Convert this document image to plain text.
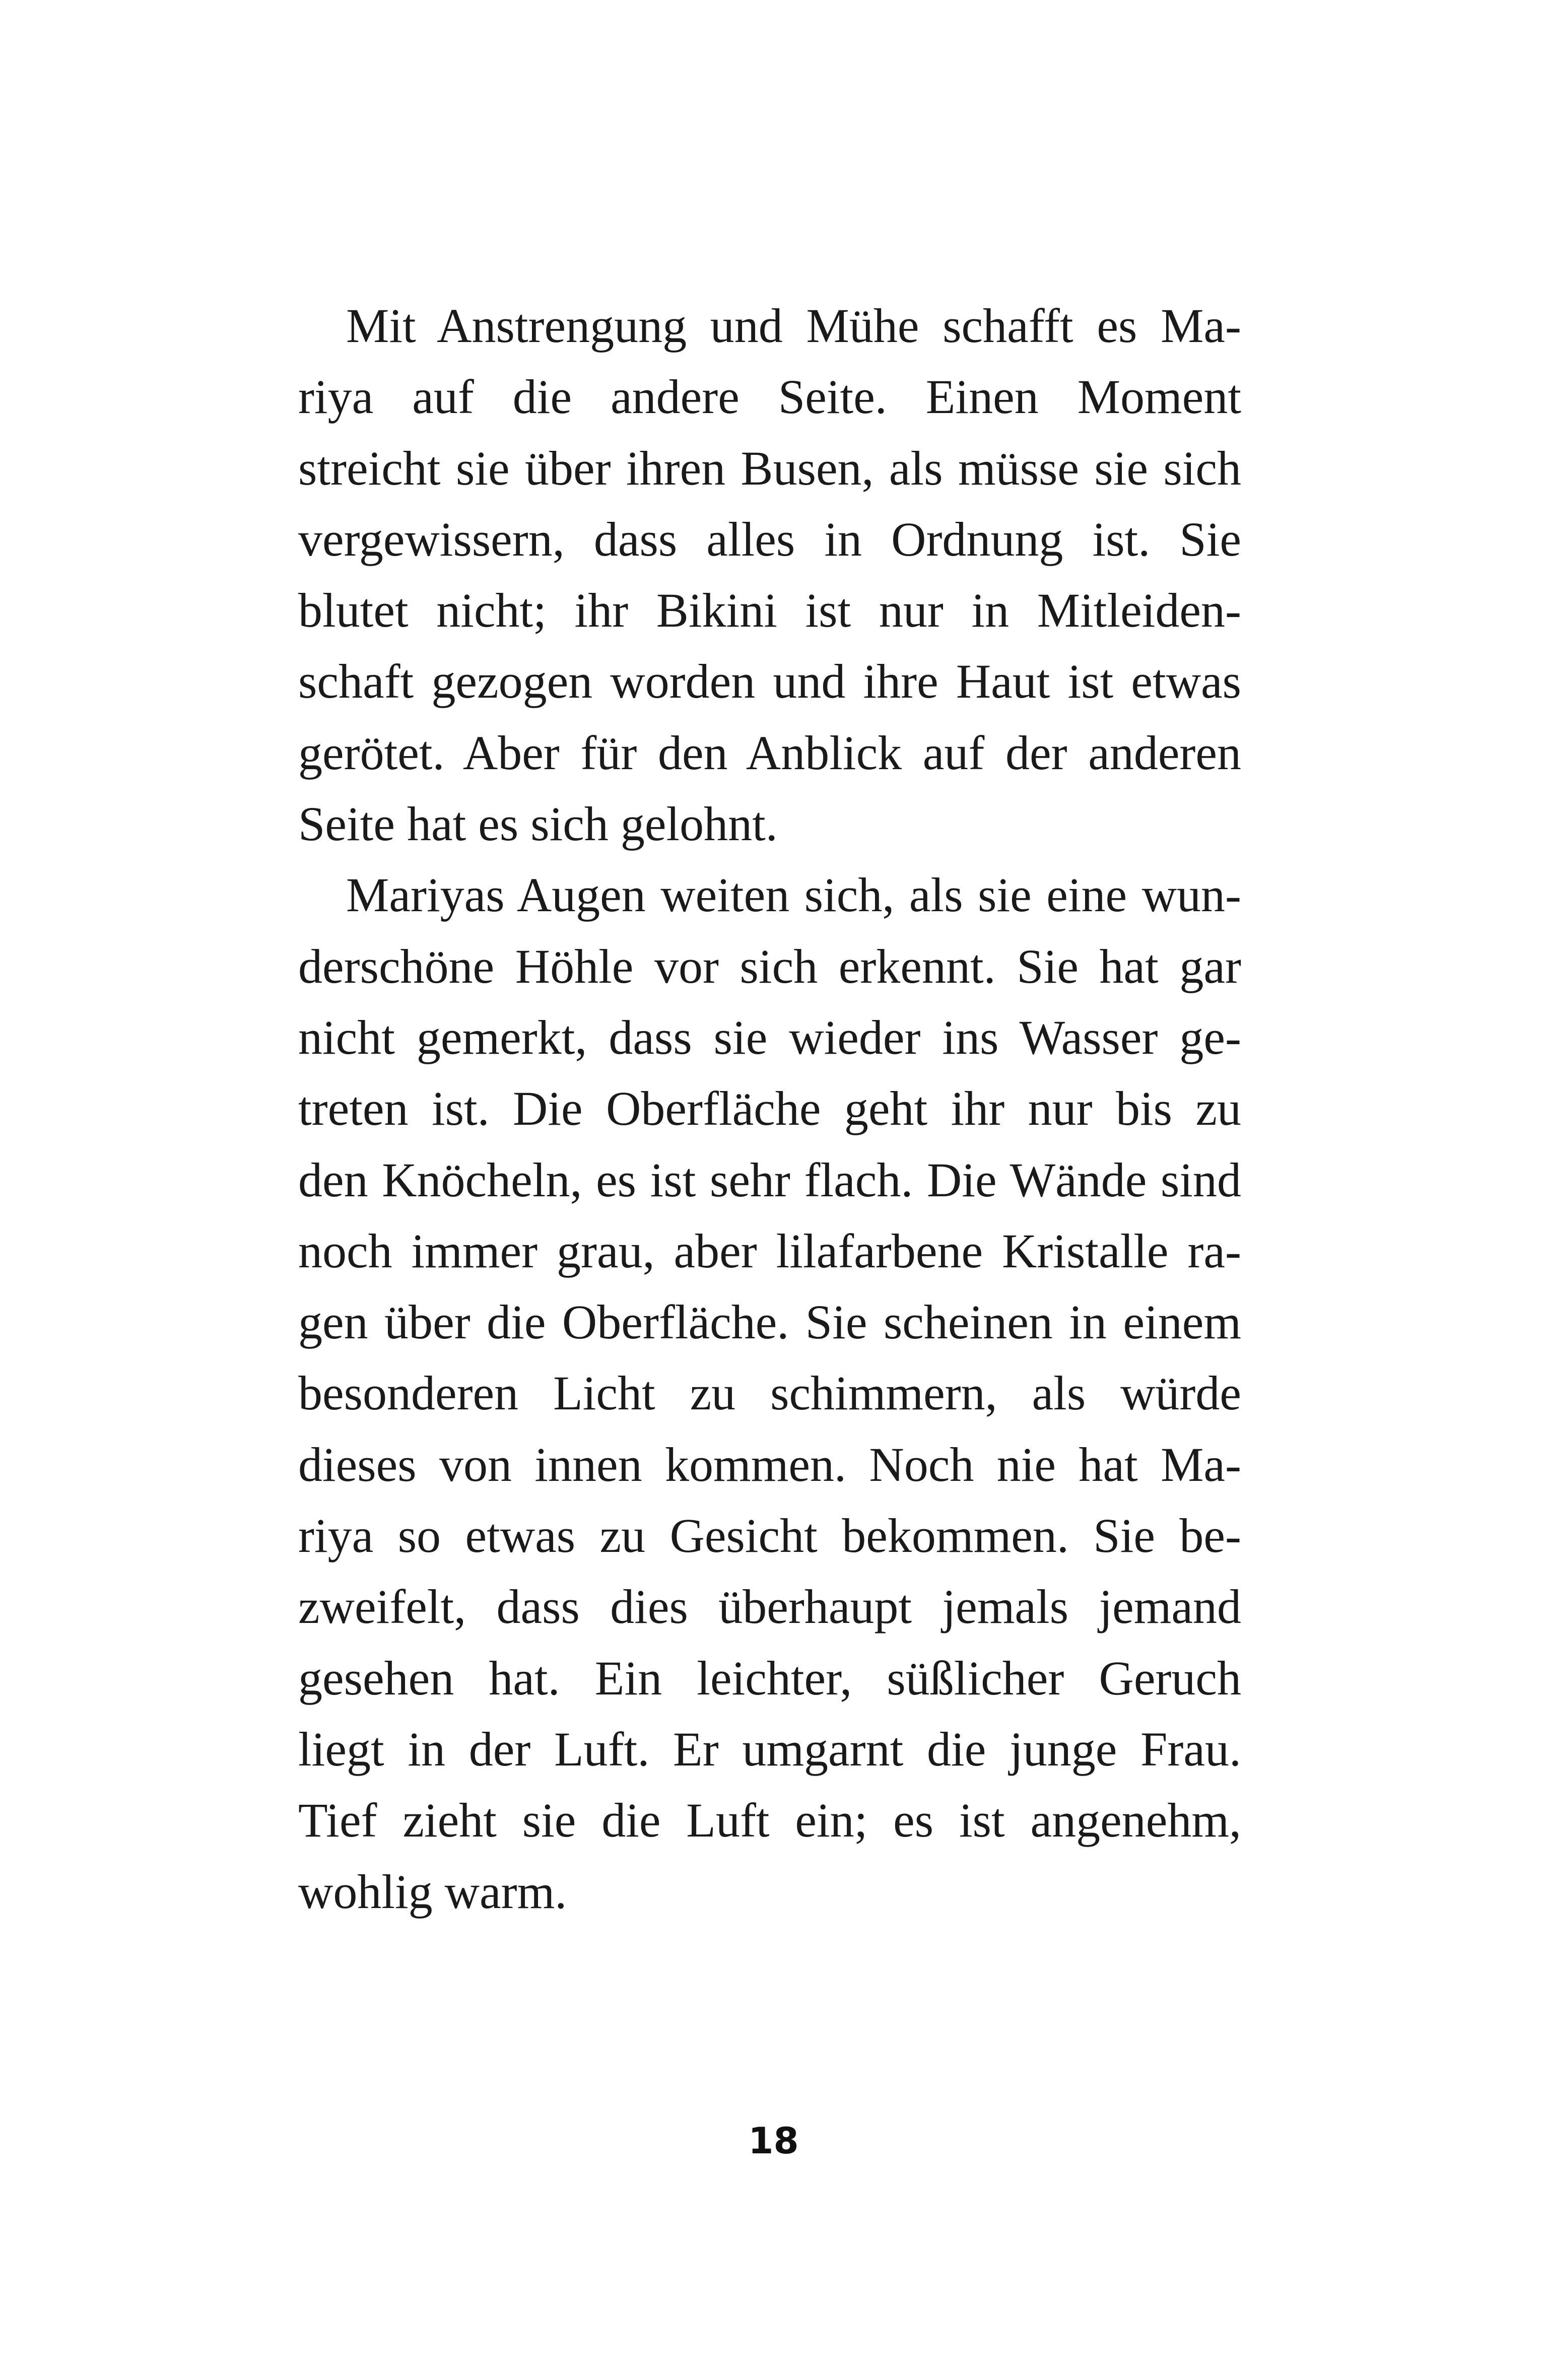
Mit Anstrengung und Mühe schafft es Ma-
riya auf die andere Seite. Einen Moment
streicht sie über ihren Busen, als müsse sie sich
vergewissern, dass alles in Ordnung ist. Sie
blutet nicht; ihr Bikini ist nur in Mitleiden-
schaft gezogen worden und ihre Haut ist etwas
gerötet. Aber für den Anblick auf der anderen
Seite hat es sich gelohnt.
Mariyas Augen weiten sich, als sie eine wun-
derschöne Höhle vor sich erkennt. Sie hat gar
nicht gemerkt, dass sie wieder ins Wasser ge-
treten ist. Die Oberfläche geht ihr nur bis zu
den Knöcheln, es ist sehr flach. Die Wände sind
noch immer grau, aber lilafarbene Kristalle ra-
gen über die Oberfläche. Sie scheinen in einem
besonderen Licht zu schimmern, als würde
dieses von innen kommen. Noch nie hat Ma-
riya so etwas zu Gesicht bekommen. Sie be-
zweifelt, dass dies überhaupt jemals jemand
gesehen hat. Ein leichter, süßlicher Geruch
liegt in der Luft. Er umgarnt die junge Frau.
Tief zieht sie die Luft ein; es ist angenehm,
wohlig warm.
18
